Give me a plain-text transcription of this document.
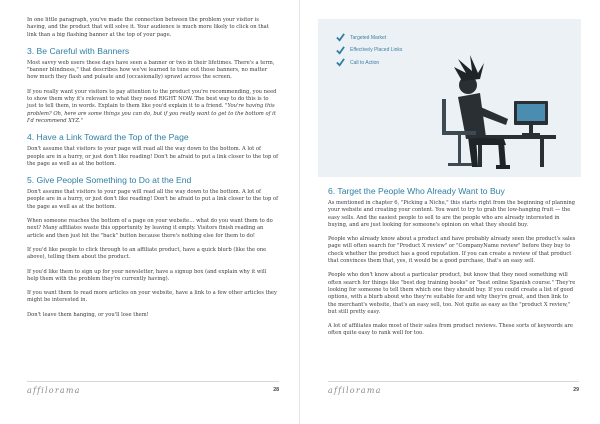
In one little paragraph, you've made the connection between the problem your visitor is having, and the product that will solve it. Your audience is much more likely to click on that link than a big flashing banner at the top of your page.

3. Be Careful with Banners

Most savvy web users these days have seen a banner or two in their lifetimes. There's a term, "banner blindness," that describes how we've learned to tune out those banners, no matter how much they flash and pulsate and (occasionally) sprawl across the screen.

If you really want your visitors to pay attention to the product you're recommending, you need to show them why it's relevant to what they need RIGHT NOW. The best way to do this is to just to tell them, in words. Explain to them like you'd explain it to a friend. "You're having this problem? Oh, here are some things you can do, but if you really want to get to the bottom of it I'd recommend XYZ."

4. Have a Link Toward the Top of the Page

Don't assume that visitors to your page will read all the way down to the bottom. A lot of people are in a hurry, or just don't like reading! Don't be afraid to put a link closer to the top of the page as well as at the bottom.

5. Give People Something to Do at the End

Don't assume that visitors to your page will read all the way down to the bottom. A lot of people are in a hurry, or just don't like reading! Don't be afraid to put a link closer to the top of the page as well as at the bottom.

When someone reaches the bottom of a page on your website… what do you want them to do next? Many affiliates waste this opportunity by leaving it empty. Visitors finish reading an article and then just hit the "back" button because there's nothing else for them to do!

If you'd like people to click through to an affiliate product, have a quick blurb (like the one above), telling them about the product.

If you'd like them to sign up for your newsletter, have a signup box (and explain why it will help them with the problem they're currently having).

If you want them to read more articles on your website, have a link to a few other articles they might be interested in.

Don't leave them hanging, or you'll lose them!

affilorama	28
6. Target the People Who Already Want to Buy

As mentioned in chapter 6, "Picking a Niche," this starts right from the beginning of planning your website and creating your content. You want to try to grab the low-hanging fruit — the easy sells. And the easiest people to sell to are the people who are already interested in buying, and are just looking for someone's opinion on what they should buy.

People who already know about a product and have probably already seen the product's sales page will often search for "Product X review" or "CompanyName review" before they buy to check whether the product has a good reputation. If you can create a review of that product that convinces them that, yes, it would be a good purchase, that's an easy sell.

People who don't know about a particular product, but know that they need something will often search for things like "best dog training books" or "best online Spanish course." They're looking for someone to tell them which one they should buy. If you could create a list of good options, with a blurb about who they're suitable for and why they're great, and then link to the merchant's website, that's an easy sell, too. Not quite as easy as the "product X review," but still pretty easy.

A lot of affiliates make most of their sales from product reviews. These sorts of keywords are often quite easy to rank well for too.

affilorama	29
Targeted Market
Effectively Placed Links
Call to Action
